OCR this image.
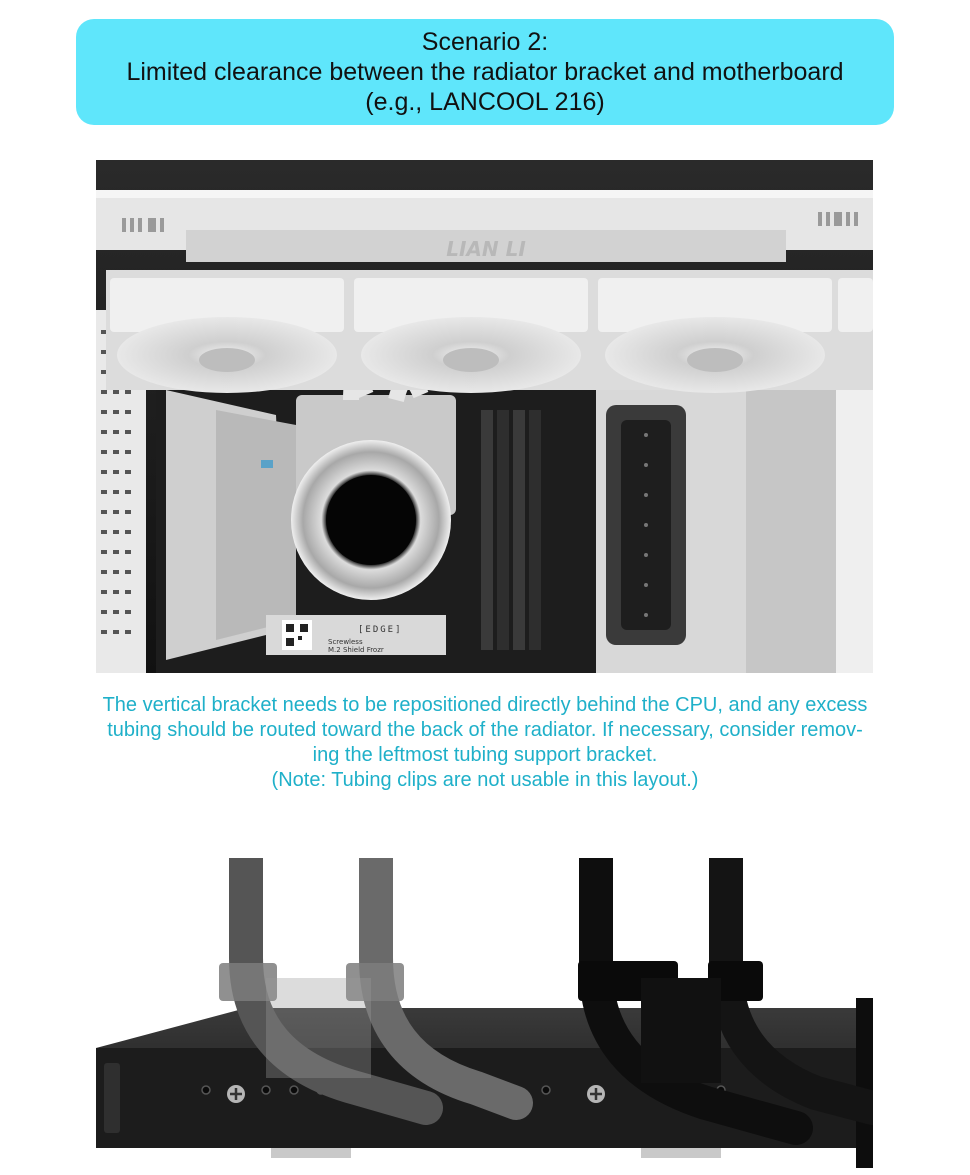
Scenario 2:
Limited clearance between the radiator bracket and motherboard
(e.g., LANCOOL 216)
LIAN LI
[EDGE]
Screwless
M.2 Shield Frozr
The vertical bracket needs to be repositioned directly behind the CPU, and any excess
tubing should be routed toward the back of the radiator. If necessary, consider remov-
ing the leftmost tubing support bracket.
(Note: Tubing clips are not usable in this layout.)
